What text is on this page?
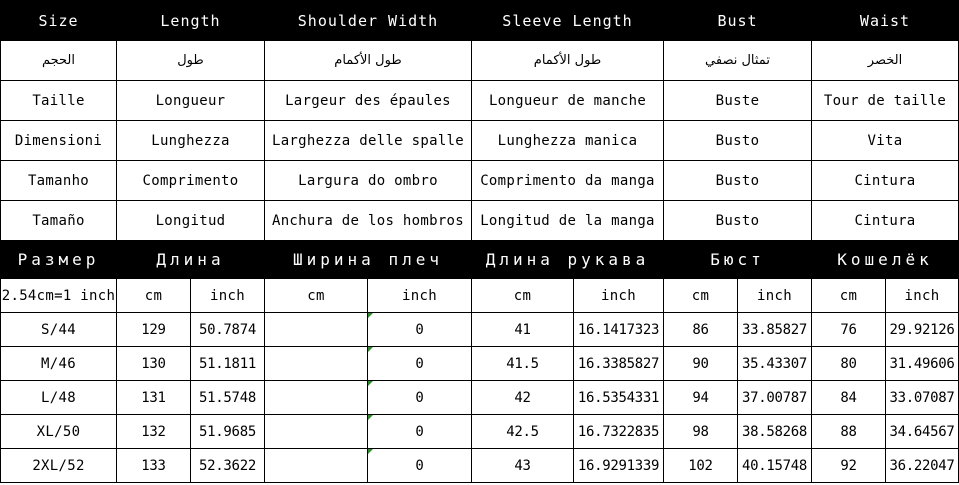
Size	Length		Shoulder Width		Sleeve Length		Bust		Waist	
الحجم	طول		طول الأكمام		طول الأكمام		تمثال نصفي		الخصر	
Taille	Longueur		Largeur des épaules		Longueur de manche		Buste		Tour de taille	
Dimensioni	Lunghezza		Larghezza delle spalle		Lunghezza manica		Busto		Vita	
Tamanho	Comprimento		Largura do ombro		Comprimento da manga		Busto		Cintura	
Tamaño	Longitud		Anchura de los hombros		Longitud de la manga		Busto		Cintura	
Размер	Длина		Ширина плеч		Длина рукава		Бюст		Кошелёк	
2.54cm=1 inch	cm	inch	cm	inch	cm	inch	cm	inch	cm	inch
S/44	129	50.7874		0	41	16.1417323	86	33.85827	76	29.92126
M/46	130	51.1811		0	41.5	16.3385827	90	35.43307	80	31.49606
L/48	131	51.5748		0	42	16.5354331	94	37.00787	84	33.07087
XL/50	132	51.9685		0	42.5	16.7322835	98	38.58268	88	34.64567
2XL/52	133	52.3622		0	43	16.9291339	102	40.15748	92	36.22047
